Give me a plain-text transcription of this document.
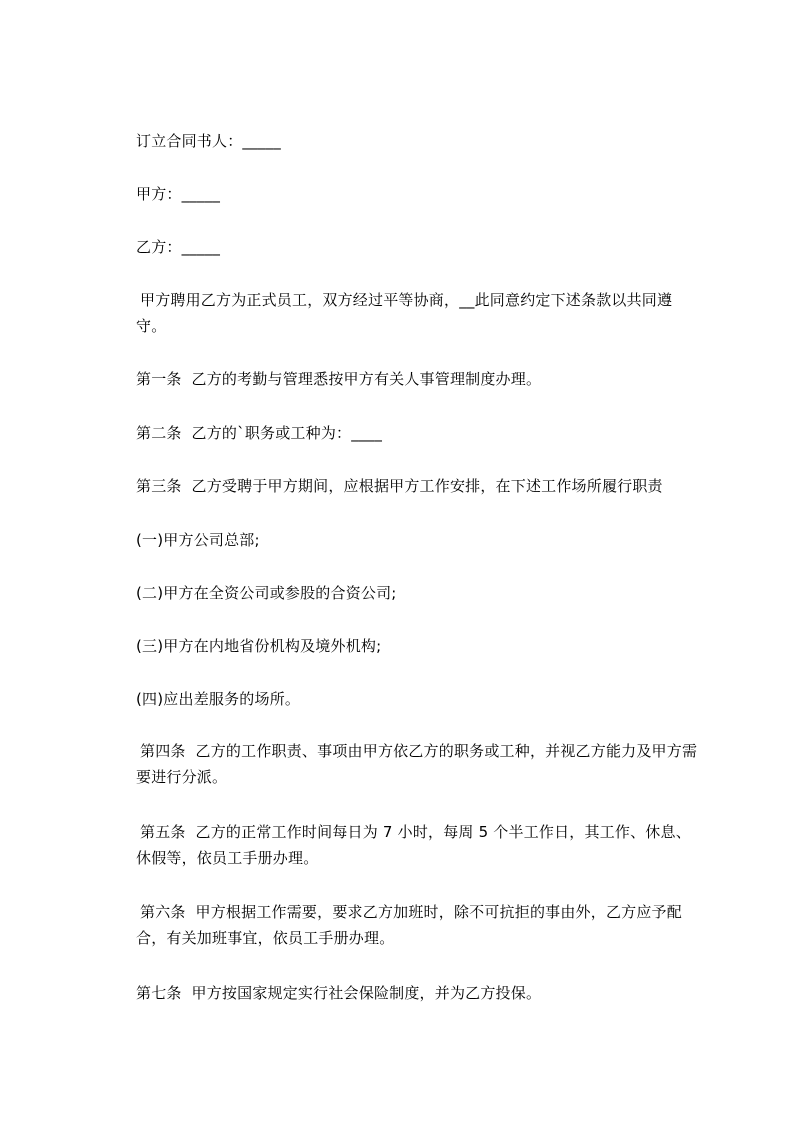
订立合同书人：_____

甲方：_____

乙方：_____

甲方聘用乙方为正式员工，双方经过平等协商，__此同意约定下述条款以共同遵守。

第一条  乙方的考勤与管理悉按甲方有关人事管理制度办理。

第二条  乙方的`职务或工种为：____

第三条  乙方受聘于甲方期间，应根据甲方工作安排，在下述工作场所履行职责

(一)甲方公司总部;

(二)甲方在全资公司或参股的合资公司;

(三)甲方在内地省份机构及境外机构;

(四)应出差服务的场所。

第四条  乙方的工作职责、事项由甲方依乙方的职务或工种，并视乙方能力及甲方需要进行分派。

第五条  乙方的正常工作时间每日为 7 小时，每周 5 个半工作日，其工作、休息、休假等，依员工手册办理。

第六条  甲方根据工作需要，要求乙方加班时，除不可抗拒的事由外，乙方应予配合，有关加班事宜，依员工手册办理。

第七条  甲方按国家规定实行社会保险制度，并为乙方投保。
